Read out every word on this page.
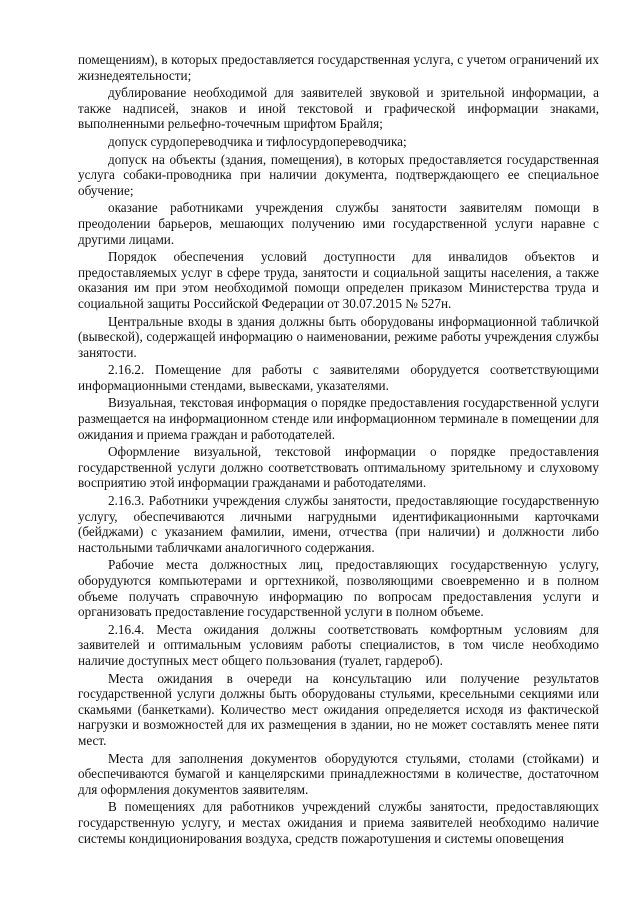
помещениям), в которых предоставляется государственная услуга, с учетом ограничений их жизнедеятельности;

дублирование необходимой для заявителей звуковой и зрительной информации, а также надписей, знаков и иной текстовой и графической информации знаками, выполненными рельефно-точечным шрифтом Брайля;

допуск сурдопереводчика и тифлосурдопереводчика;

допуск на объекты (здания, помещения), в которых предоставляется государственная услуга собаки-проводника при наличии документа, подтверждающего ее специальное обучение;

оказание работниками учреждения службы занятости заявителям помощи в преодолении барьеров, мешающих получению ими государственной услуги наравне с другими лицами.

Порядок обеспечения условий доступности для инвалидов объектов и предоставляемых услуг в сфере труда, занятости и социальной защиты населения, а также оказания им при этом необходимой помощи определен приказом Министерства труда и социальной защиты Российской Федерации от 30.07.2015 № 527н.

Центральные входы в здания должны быть оборудованы информационной табличкой (вывеской), содержащей информацию о наименовании, режиме работы учреждения службы занятости.

2.16.2. Помещение для работы с заявителями оборудуется соответствующими информационными стендами, вывесками, указателями.

Визуальная, текстовая информация о порядке предоставления государственной услуги размещается на информационном стенде или информационном терминале в помещении для ожидания и приема граждан и работодателей.

Оформление визуальной, текстовой информации о порядке предоставления государственной услуги должно соответствовать оптимальному зрительному и слуховому восприятию этой информации гражданами и работодателями.

2.16.3. Работники учреждения службы занятости, предоставляющие государственную услугу, обеспечиваются личными нагрудными идентификационными карточками (бейджами) с указанием фамилии, имени, отчества (при наличии) и должности либо настольными табличками аналогичного содержания.

Рабочие места должностных лиц, предоставляющих государственную услугу, оборудуются компьютерами и оргтехникой, позволяющими своевременно и в полном объеме получать справочную информацию по вопросам предоставления услуги и организовать предоставление государственной услуги в полном объеме.

2.16.4. Места ожидания должны соответствовать комфортным условиям для заявителей и оптимальным условиям работы специалистов, в том числе необходимо наличие доступных мест общего пользования (туалет, гардероб).

Места ожидания в очереди на консультацию или получение результатов государственной услуги должны быть оборудованы стульями, кресельными секциями или скамьями (банкетками). Количество мест ожидания определяется исходя из фактической нагрузки и возможностей для их размещения в здании, но не может составлять менее пяти мест.

Места для заполнения документов оборудуются стульями, столами (стойками) и обеспечиваются бумагой и канцелярскими принадлежностями в количестве, достаточном для оформления документов заявителям.

В помещениях для работников учреждений службы занятости, предоставляющих государственную услугу, и местах ожидания и приема заявителей необходимо наличие системы кондиционирования воздуха, средств пожаротушения и системы оповещения
